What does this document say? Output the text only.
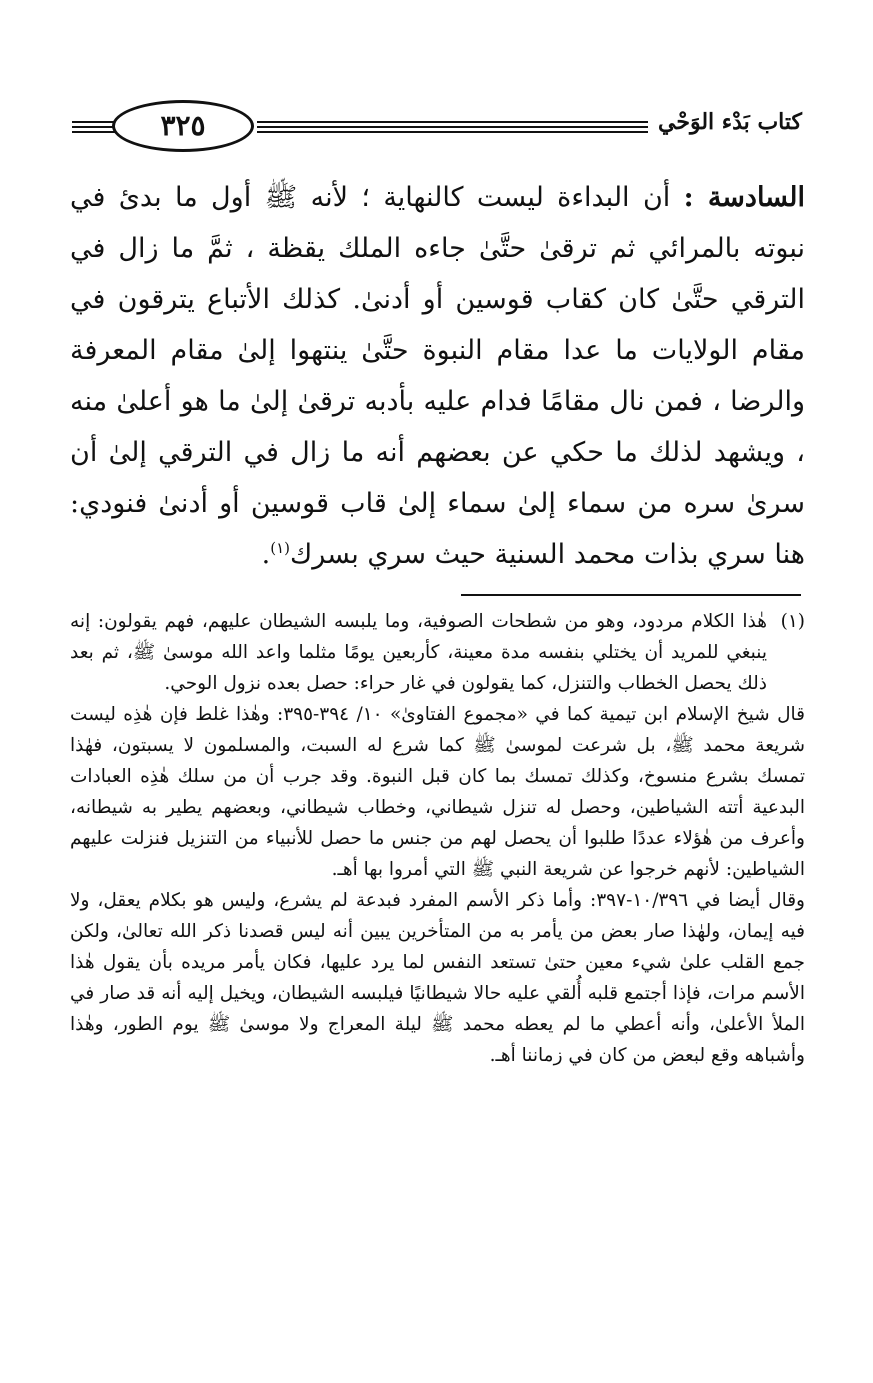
كتاب بَدْء الوَحْي
٣٢٥

السادسة : أن البداءة ليست كالنهاية ؛ لأنه ﷺ أول ما بدئ في نبوته بالمرائي ثم ترقىٰ حتَّىٰ جاءه الملك يقظة ، ثمَّ ما زال في الترقي حتَّىٰ كان كقاب قوسين أو أدنىٰ. كذلك الأتباع يترقون في مقام الولايات ما عدا مقام النبوة حتَّىٰ ينتهوا إلىٰ مقام المعرفة والرضا ، فمن نال مقامًا فدام عليه بأدبه ترقىٰ إلىٰ ما هو أعلىٰ منه ، ويشهد لذلك ما حكي عن بعضهم أنه ما زال في الترقي إلىٰ أن سرىٰ سره من سماء إلىٰ سماء إلىٰ قاب قوسين أو أدنىٰ فنودي: هنا سري بذات محمد السنية حيث سري بسرك$^{(١)}$.

(١)

هٰذا الكلام مردود، وهو من شطحات الصوفية، وما يلبسه الشيطان عليهم، فهم يقولون: إنه ينبغي للمريد أن يختلي بنفسه مدة معينة، كأربعين يومًا مثلما واعد الله موسىٰ ﷺ، ثم بعد ذلك يحصل الخطاب والتنزل، كما يقولون في غار حراء: حصل بعده نزول الوحي.

قال شيخ الإسلام ابن تيمية كما في «مجموع الفتاوىٰ» ١٠/ ٣٩٤-٣٩٥: وهٰذا غلط فإن هٰذِه ليست شريعة محمد ﷺ، بل شرعت لموسىٰ ﷺ كما شرع له السبت، والمسلمون لا يسبتون، فهٰذا تمسك بشرع منسوخ، وكذلك تمسك بما كان قبل النبوة. وقد جرب أن من سلك هٰذِه العبادات البدعية أتته الشياطين، وحصل له تنزل شيطاني، وخطاب شيطاني، وبعضهم يطير به شيطانه، وأعرف من هٰؤلاء عددًا طلبوا أن يحصل لهم من جنس ما حصل للأنبياء من التنزيل فنزلت عليهم الشياطين: لأنهم خرجوا عن شريعة النبي ﷺ التي أمروا بها أهـ.

وقال أيضا في ١٠/٣٩٦-٣٩٧: وأما ذكر الأسم المفرد فبدعة لم يشرع، وليس هو بكلام يعقل، ولا فيه إيمان، ولهٰذا صار بعض من يأمر به من المتأخرين يبين أنه ليس قصدنا ذكر الله تعالىٰ، ولكن جمع القلب علىٰ شيء معين حتىٰ تستعد النفس لما يرد عليها، فكان يأمر مريده بأن يقول هٰذا الأسم مرات، فإذا أجتمع قلبه أُلقي عليه حالا شيطانيًا فيلبسه الشيطان، ويخيل إليه أنه قد صار في الملأ الأعلىٰ، وأنه أعطي ما لم يعطه محمد ﷺ ليلة المعراج ولا موسىٰ ﷺ يوم الطور، وهٰذا وأشباهه وقع لبعض من كان في زماننا أهـ.
